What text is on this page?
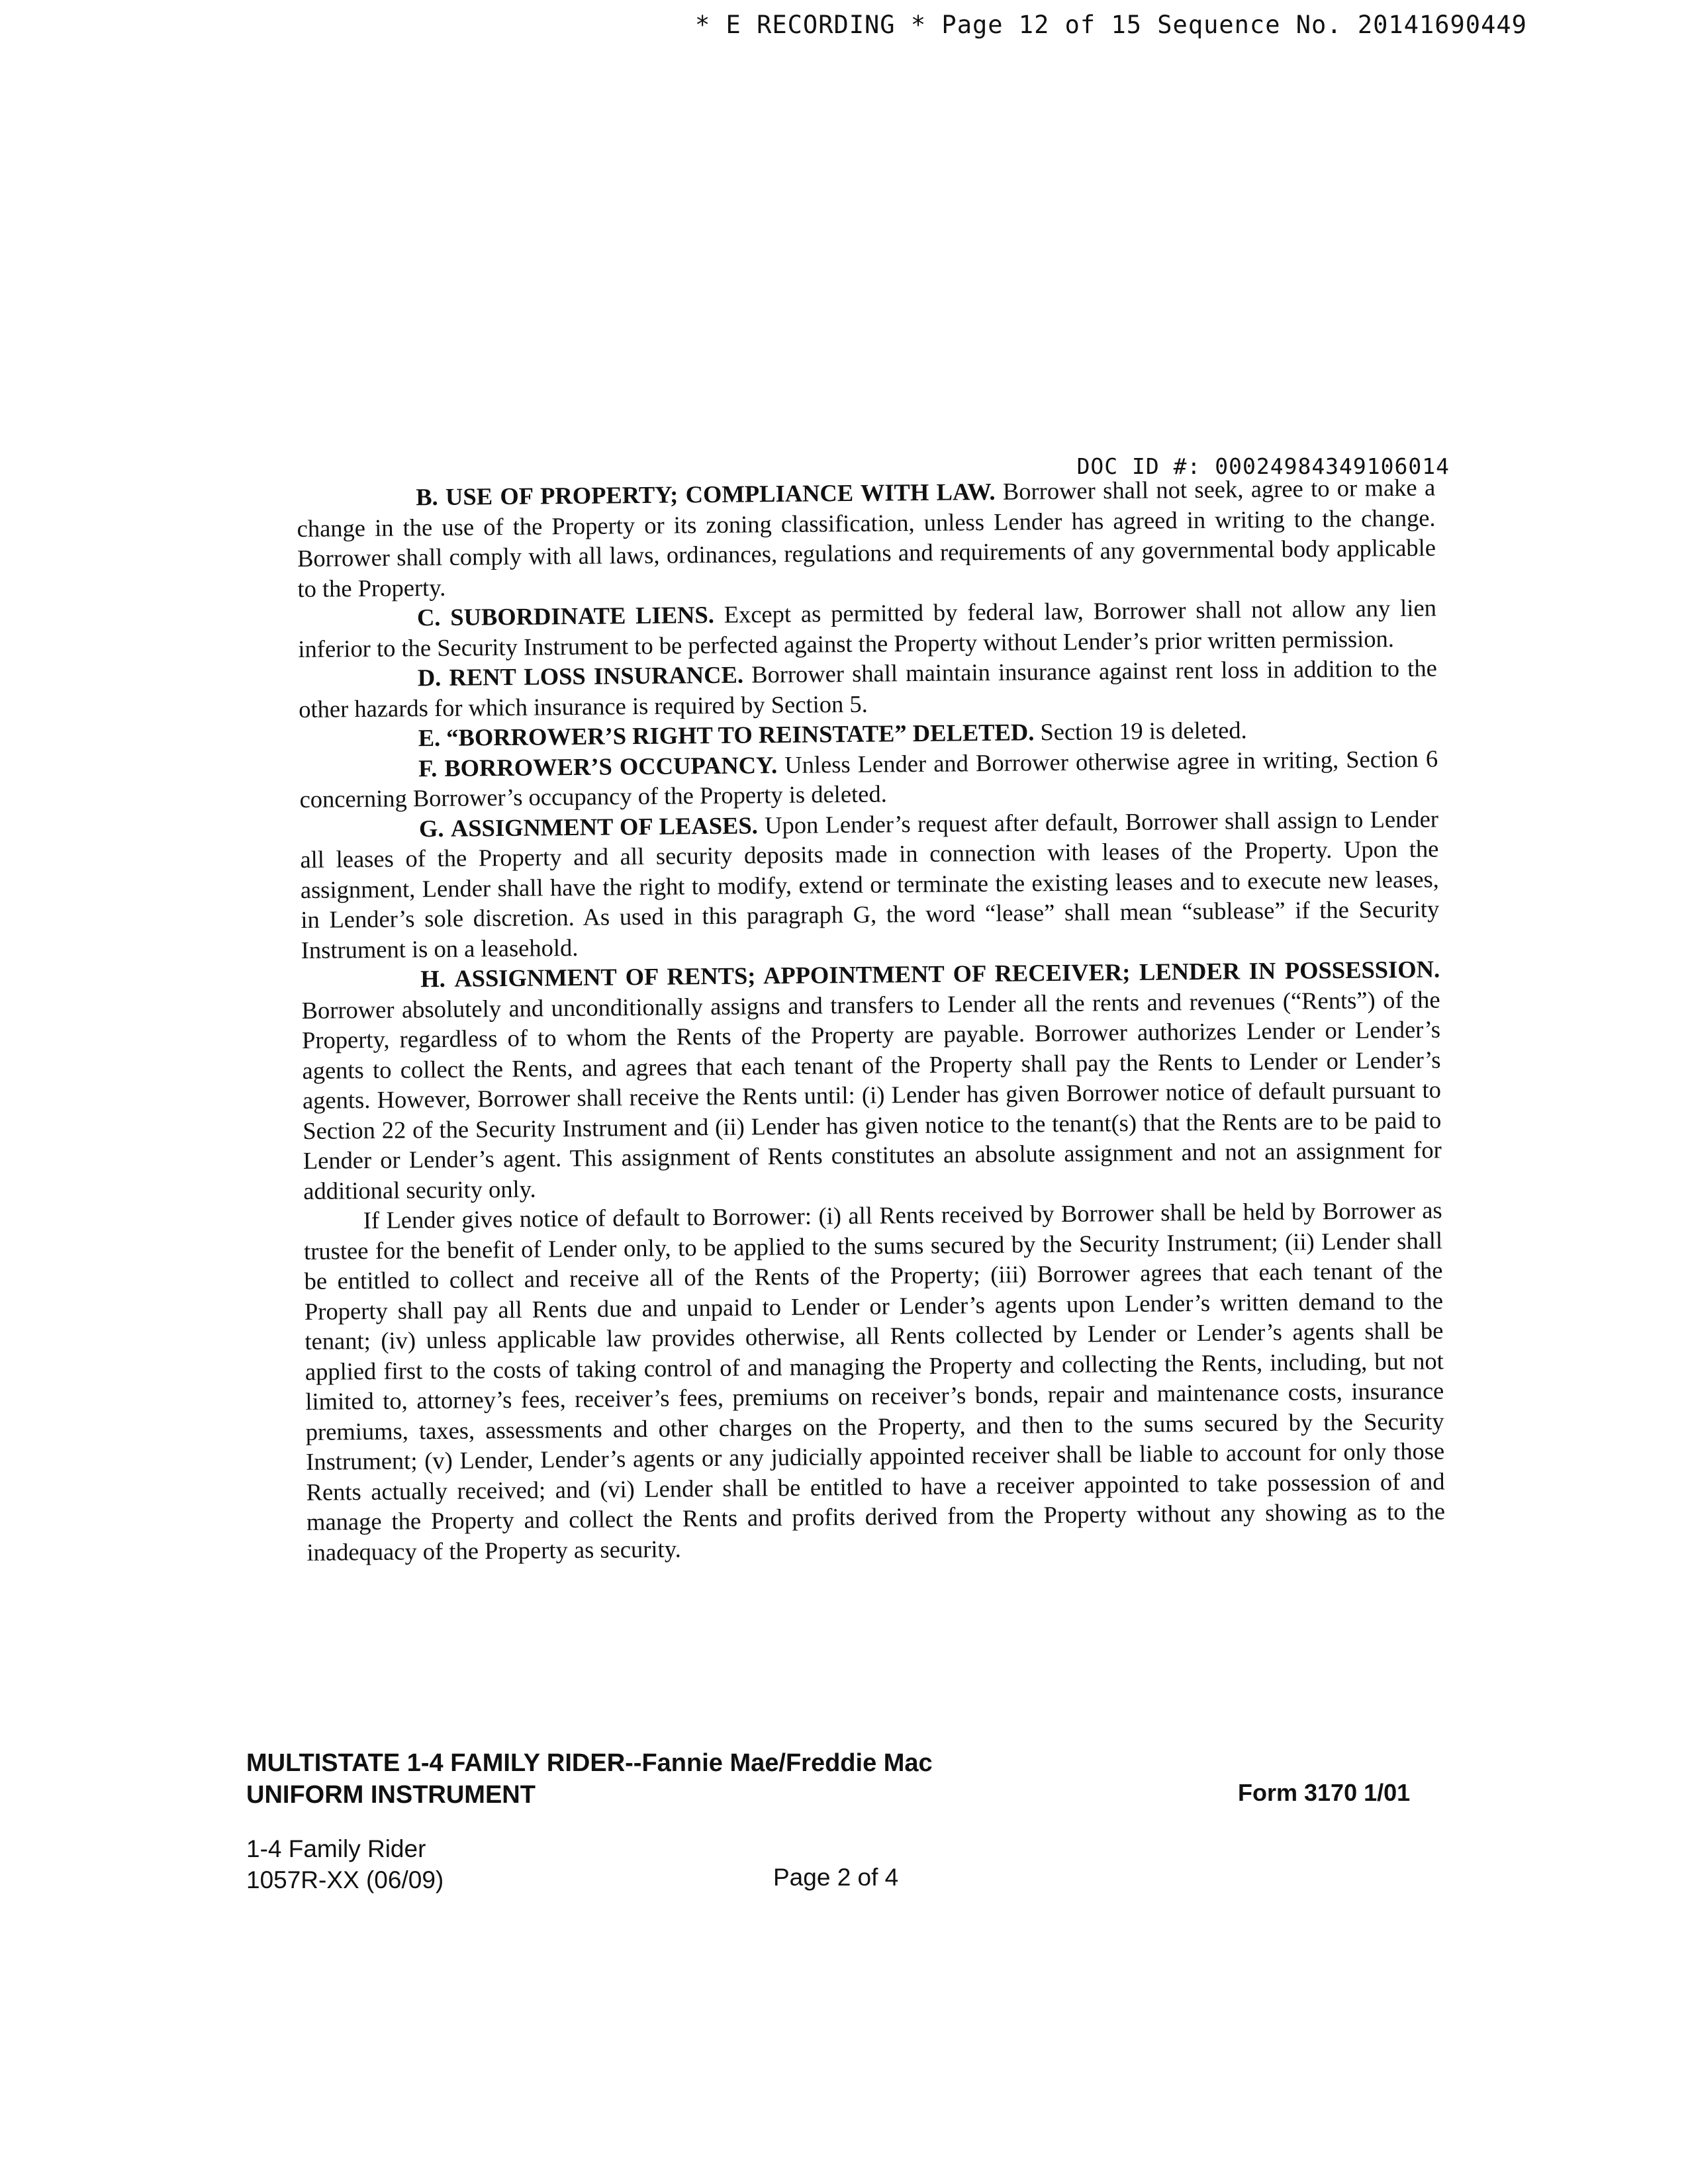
* E RECORDING * Page 12 of 15 Sequence No. 20141690449
DOC ID #: 00024984349106014

B. USE OF PROPERTY; COMPLIANCE WITH LAW. Borrower shall not seek, agree to or make a change in the use of the Property or its zoning classification, unless Lender has agreed in writing to the change. Borrower shall comply with all laws, ordinances, regulations and requirements of any governmental body applicable to the Property.

C. SUBORDINATE LIENS. Except as permitted by federal law, Borrower shall not allow any lien inferior to the Security Instrument to be perfected against the Property without Lender’s prior written permission.

D. RENT LOSS INSURANCE. Borrower shall maintain insurance against rent loss in addition to the other hazards for which insurance is required by Section 5.

E. “BORROWER’S RIGHT TO REINSTATE” DELETED. Section 19 is deleted.

F. BORROWER’S OCCUPANCY. Unless Lender and Borrower otherwise agree in writing, Section 6 concerning Borrower’s occupancy of the Property is deleted.

G. ASSIGNMENT OF LEASES. Upon Lender’s request after default, Borrower shall assign to Lender all leases of the Property and all security deposits made in connection with leases of the Property. Upon the assignment, Lender shall have the right to modify, extend or terminate the existing leases and to execute new leases, in Lender’s sole discretion. As used in this paragraph G, the word “lease” shall mean “sublease” if the Security Instrument is on a leasehold.

H. ASSIGNMENT OF RENTS; APPOINTMENT OF RECEIVER; LENDER IN POSSESSION. Borrower absolutely and unconditionally assigns and transfers to Lender all the rents and revenues (“Rents”) of the Property, regardless of to whom the Rents of the Property are payable. Borrower authorizes Lender or Lender’s agents to collect the Rents, and agrees that each tenant of the Property shall pay the Rents to Lender or Lender’s agents. However, Borrower shall receive the Rents until: (i) Lender has given Borrower notice of default pursuant to Section 22 of the Security Instrument and (ii) Lender has given notice to the tenant(s) that the Rents are to be paid to Lender or Lender’s agent. This assignment of Rents constitutes an absolute assignment and not an assignment for additional security only.

If Lender gives notice of default to Borrower: (i) all Rents received by Borrower shall be held by Borrower as trustee for the benefit of Lender only, to be applied to the sums secured by the Security Instrument; (ii) Lender shall be entitled to collect and receive all of the Rents of the Property; (iii) Borrower agrees that each tenant of the Property shall pay all Rents due and unpaid to Lender or Lender’s agents upon Lender’s written demand to the tenant; (iv) unless applicable law provides otherwise, all Rents collected by Lender or Lender’s agents shall be applied first to the costs of taking control of and managing the Property and collecting the Rents, including, but not limited to, attorney’s fees, receiver’s fees, premiums on receiver’s bonds, repair and maintenance costs, insurance premiums, taxes, assessments and other charges on the Property, and then to the sums secured by the Security Instrument; (v) Lender, Lender’s agents or any judicially appointed receiver shall be liable to account for only those Rents actually received; and (vi) Lender shall be entitled to have a receiver appointed to take possession of and manage the Property and collect the Rents and profits derived from the Property without any showing as to the inadequacy of the Property as security.

MULTISTATE 1-4 FAMILY RIDER--Fannie Mae/Freddie Mac
UNIFORM INSTRUMENT	Form 3170 1/01
1-4 Family Rider
1057R-XX (06/09)	Page 2 of 4
